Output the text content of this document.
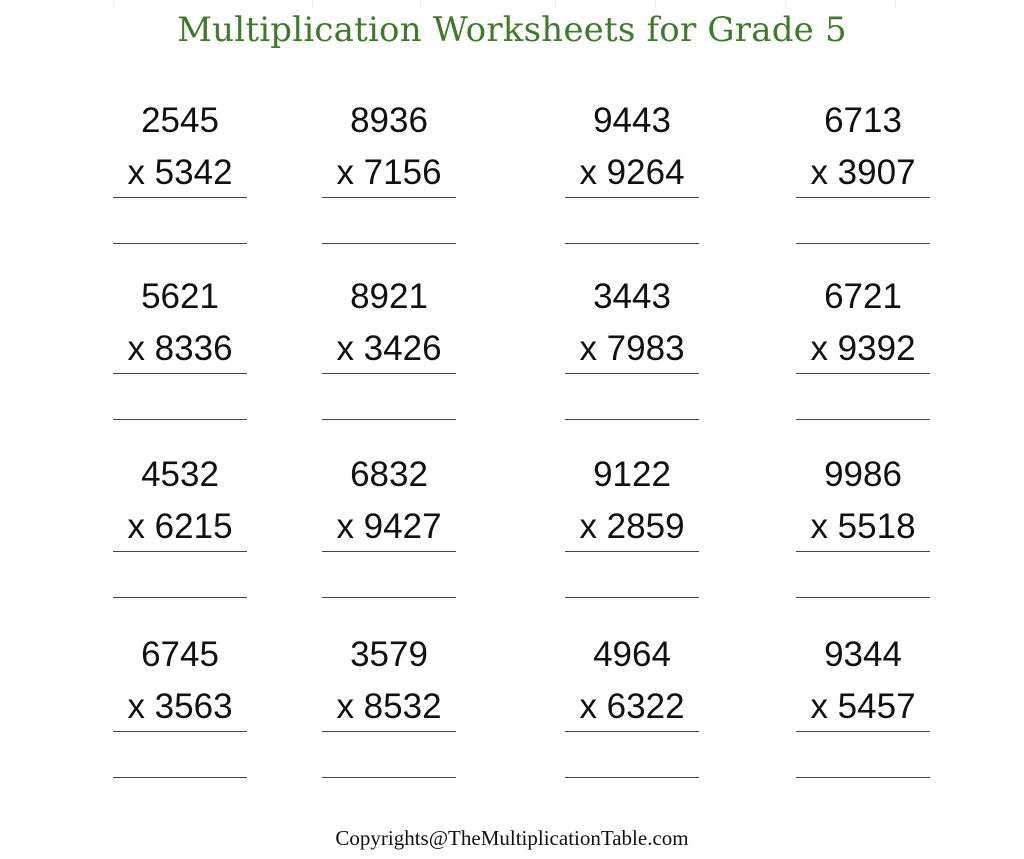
Multiplication Worksheets for Grade 5
2545
x 5342
8936
x 7156
9443
x 9264
6713
x 3907
5621
x 8336
8921
x 3426
3443
x 7983
6721
x 9392
4532
x 6215
6832
x 9427
9122
x 2859
9986
x 5518
6745
x 3563
3579
x 8532
4964
x 6322
9344
x 5457
Copyrights@TheMultiplicationTable.com
